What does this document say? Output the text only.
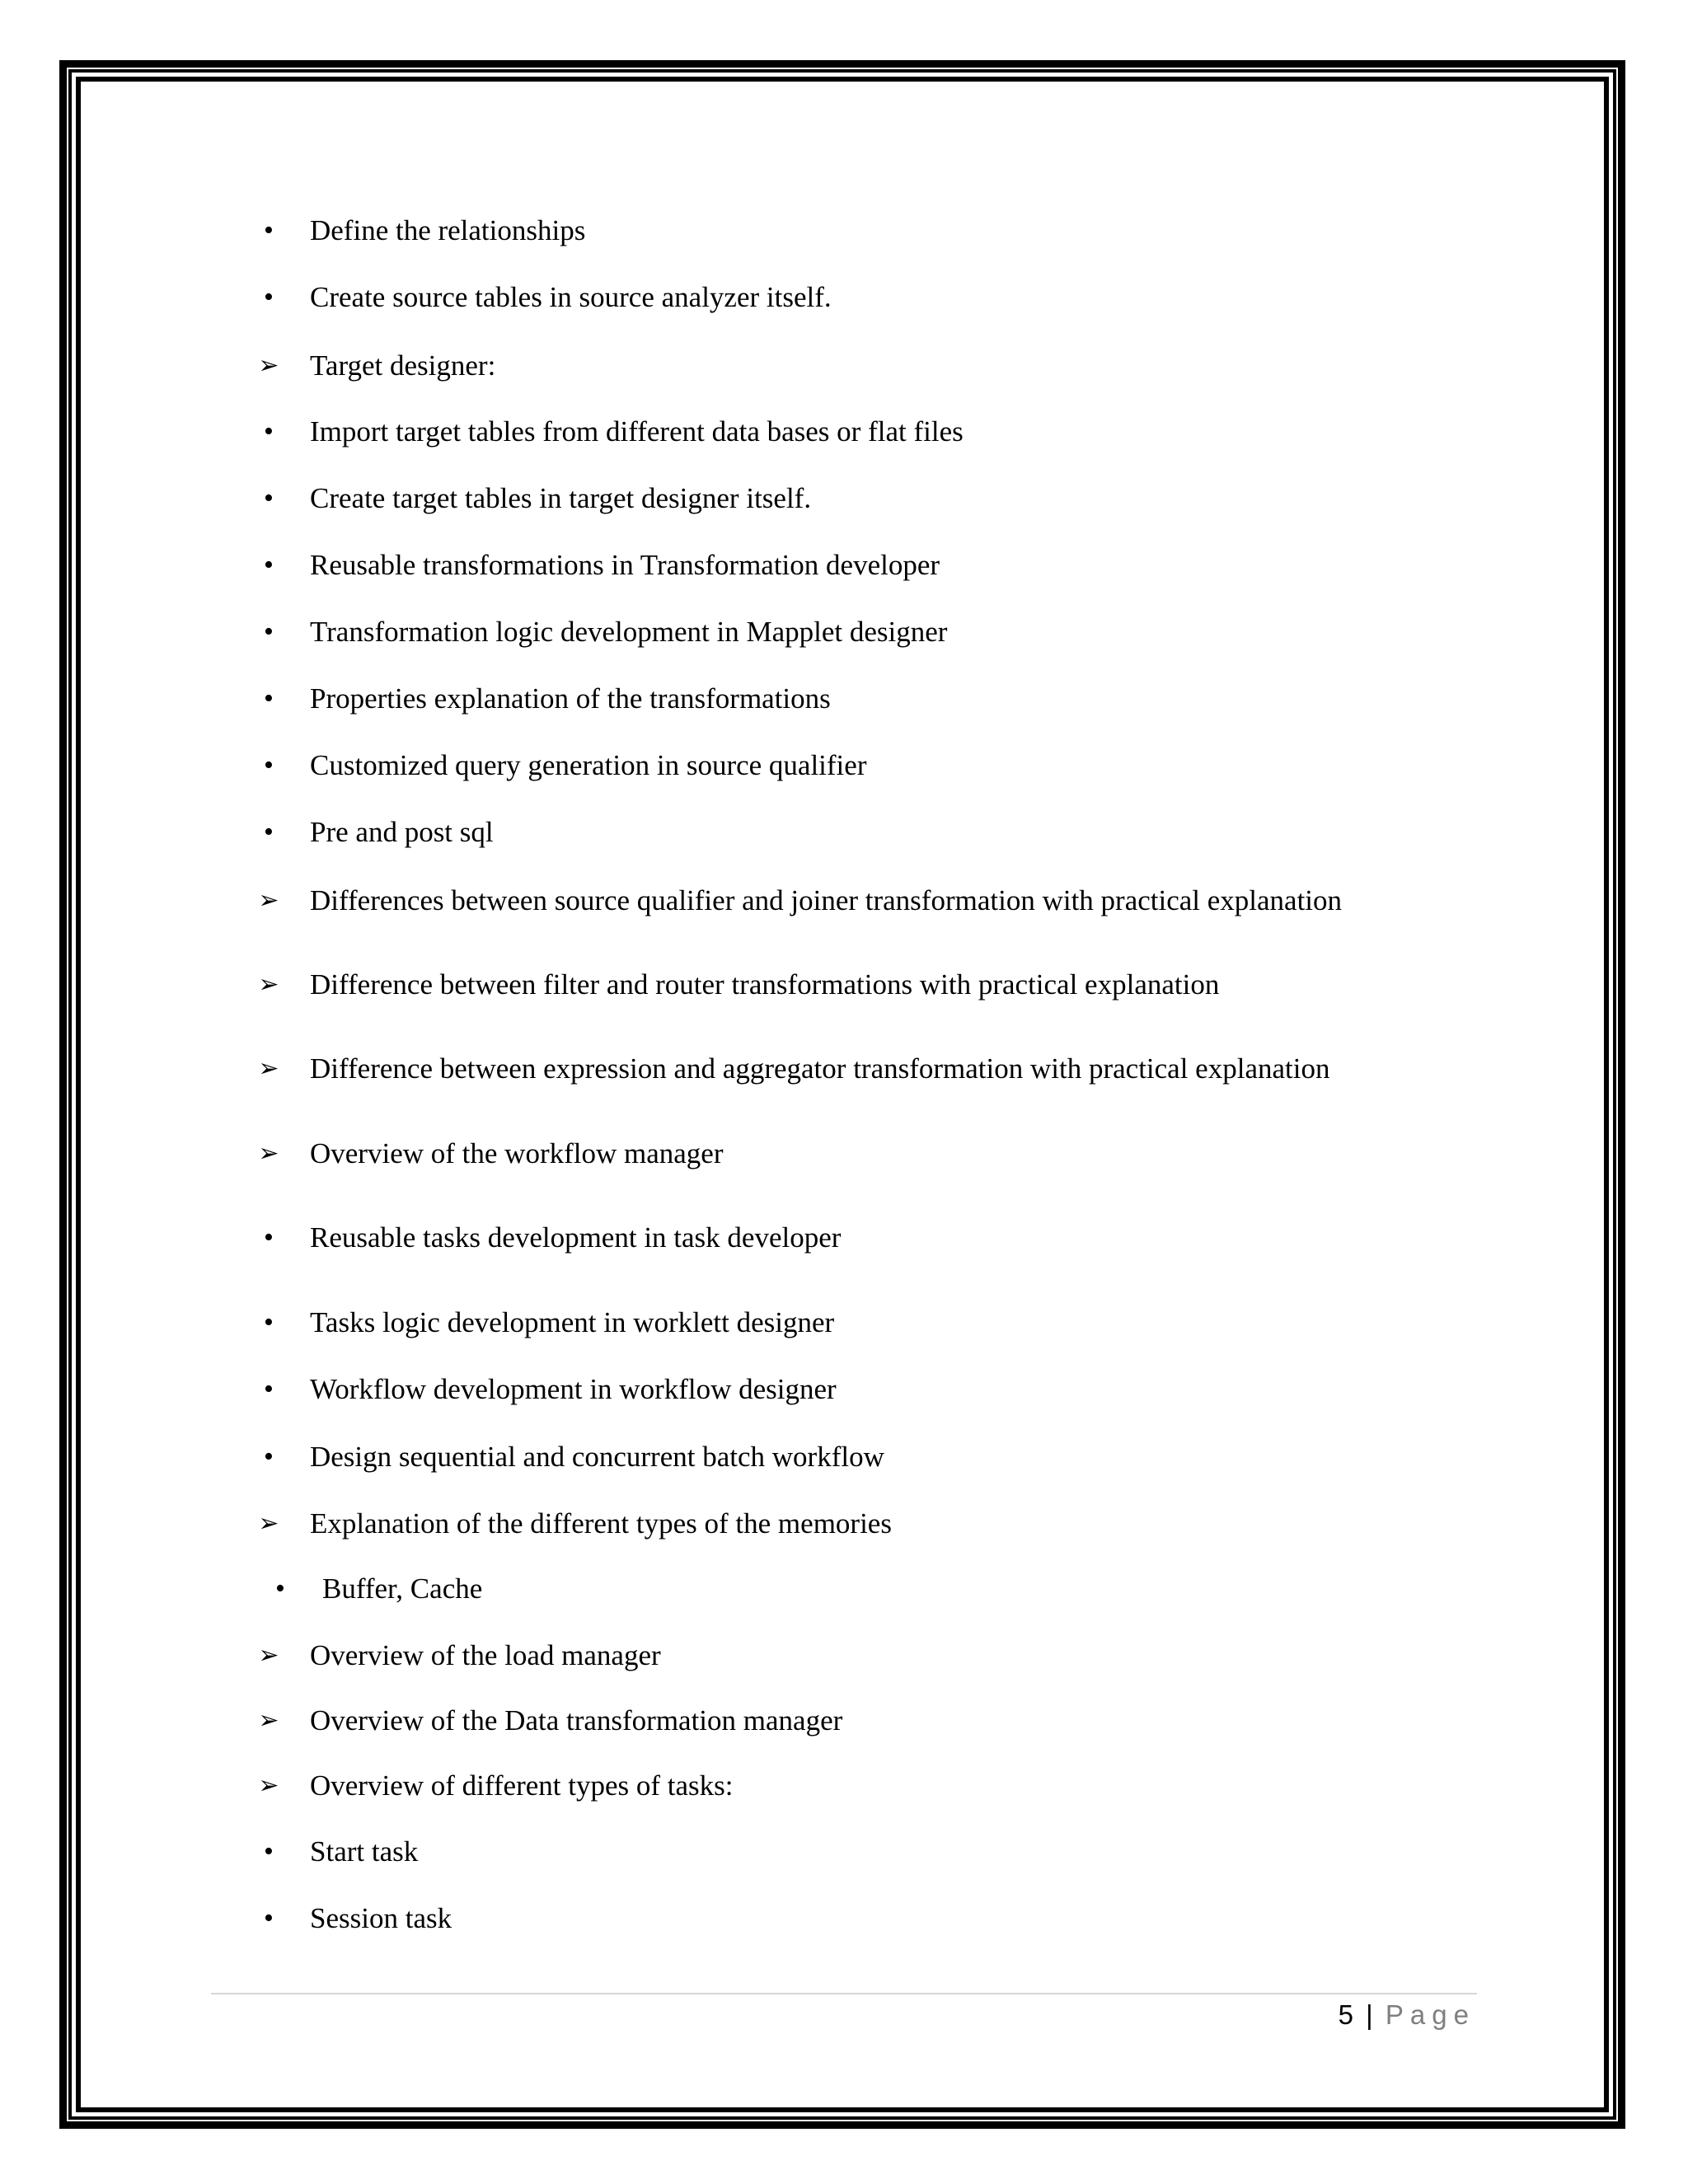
•	Define the relationships
•	Create source tables in source analyzer itself.
➢ Target designer:
•	Import target tables from different data bases or flat files
•	Create target tables in target designer itself.
•	Reusable transformations in Transformation developer
•	Transformation logic development in Mapplet designer
•	Properties explanation of the transformations
•	Customized query generation in source qualifier
•	Pre and post sql
➢ Differences between source qualifier and joiner transformation with practical explanation
➢ Difference between filter and router transformations with practical explanation
➢ Difference between expression and aggregator transformation with practical explanation
➢ Overview of the workflow manager
•	Reusable tasks development in task developer
•	Tasks logic development in worklett designer
•	Workflow development in workflow designer
•	Design sequential and concurrent batch workflow
➢ Explanation of the different types of the memories
•	Buffer, Cache
➢ Overview of the load manager
➢ Overview of the Data transformation manager
➢ Overview of different types of tasks:
•	Start task
•	Session task
5 | Page
